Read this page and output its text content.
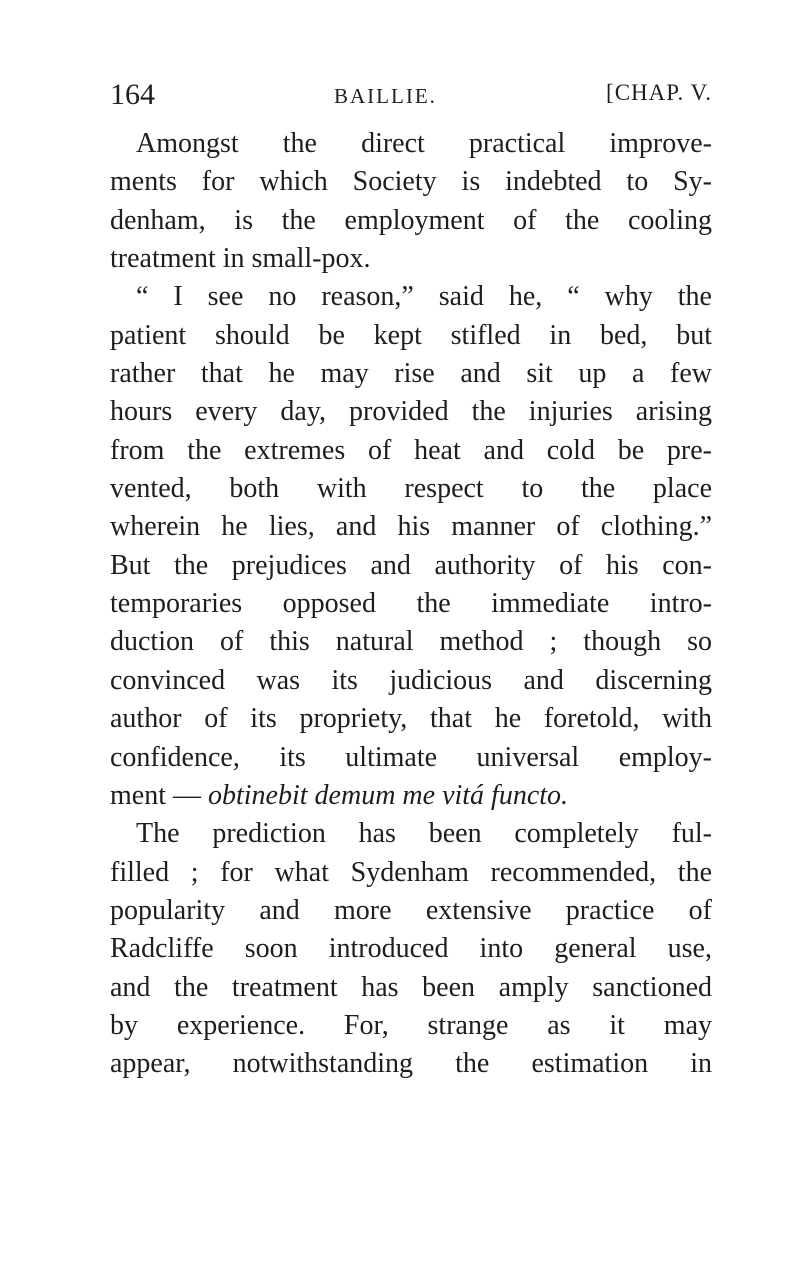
164	BAILLIE.	[CHAP. V.
Amongst the direct practical improve-
ments for which Society is indebted to Sy-
denham, is the employment of the cooling
treatment in small-pox.
“ I see no reason,” said he, “ why the
patient should be kept stifled in bed, but
rather that he may rise and sit up a few
hours every day, provided the injuries arising
from the extremes of heat and cold be pre-
vented, both with respect to the place
wherein he lies, and his manner of clothing.”
But the prejudices and authority of his con-
temporaries opposed the immediate intro-
duction of this natural method ; though so
convinced was its judicious and discerning
author of its propriety, that he foretold, with
confidence, its ultimate universal employ-
ment — obtinebit demum me vitá functo.
The prediction has been completely ful-
filled ; for what Sydenham recommended, the
popularity and more extensive practice of
Radcliffe soon introduced into general use,
and the treatment has been amply sanctioned
by experience. For, strange as it may
appear, notwithstanding the estimation in
